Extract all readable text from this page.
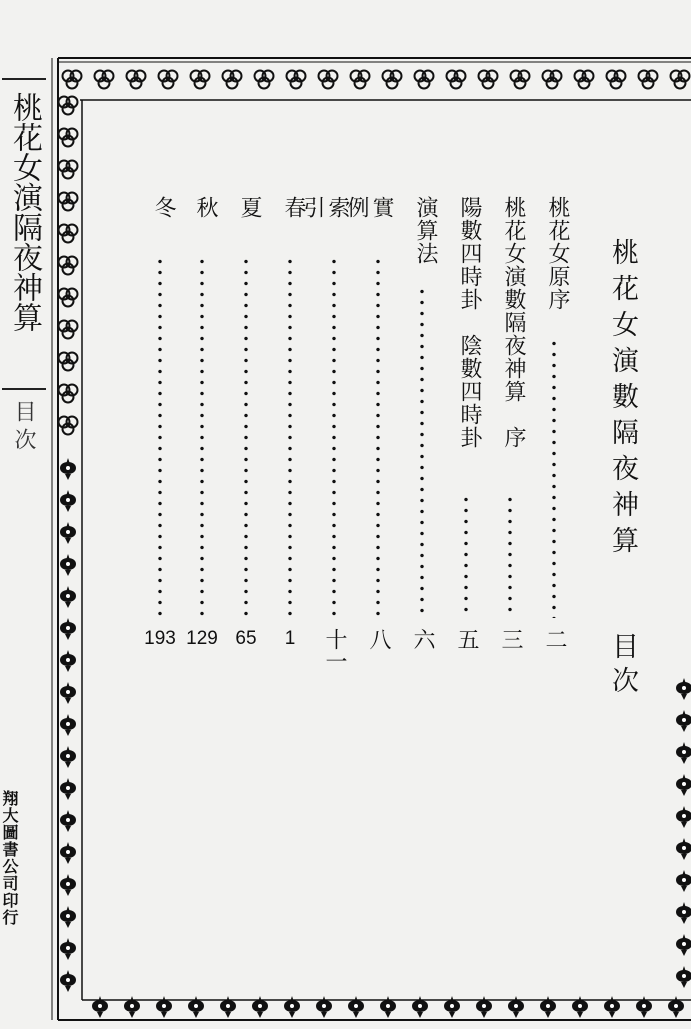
桃花女演隔夜神算
目次
翔大圖書公司印行
桃花女演數隔夜神算
目次
桃花女原序
二
桃花女演數隔夜神算　序
三
陽數四時卦　陰數四時卦
五
演算法
六
實
例
八
索
引
十一
春
1
夏
65
秋
129
冬
193
